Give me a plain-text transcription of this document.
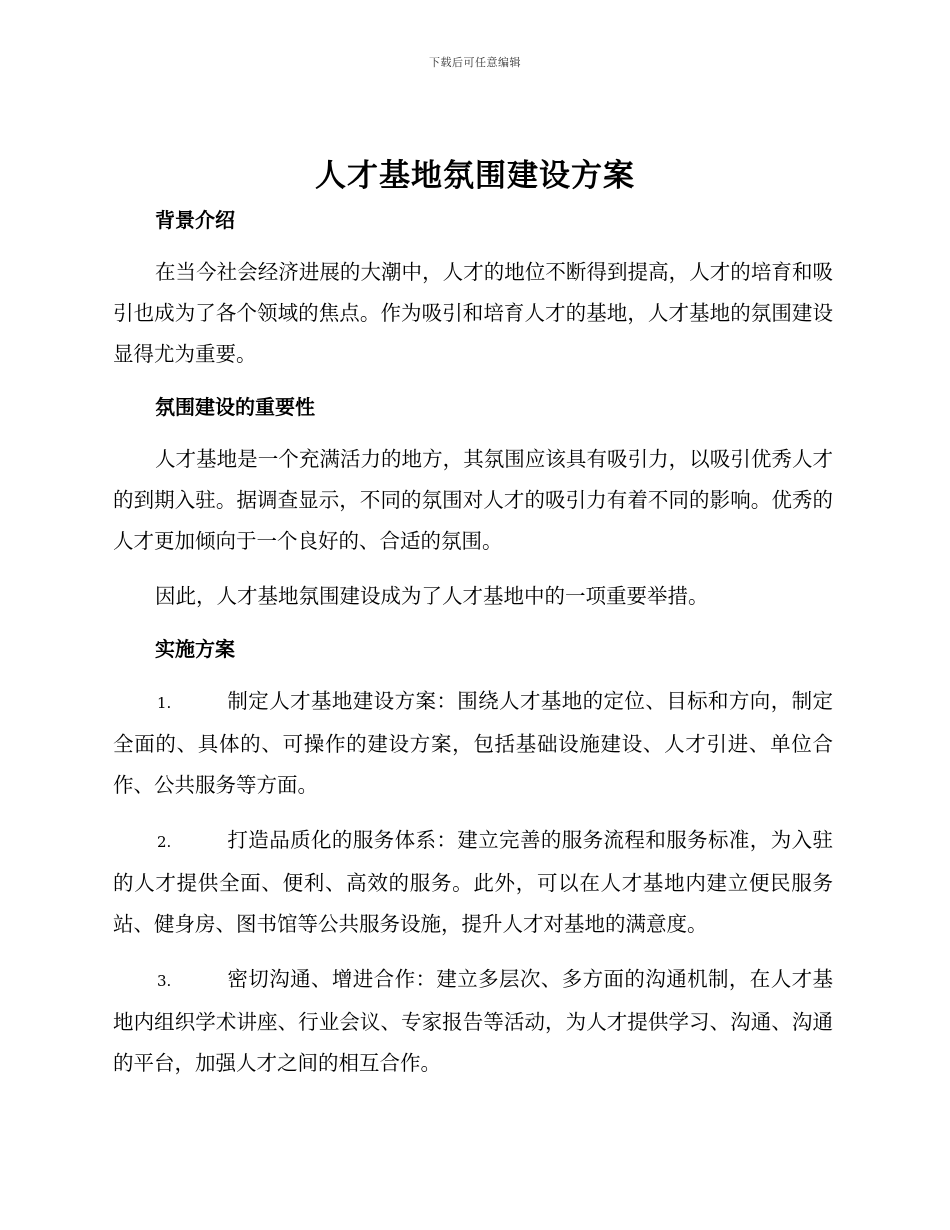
下载后可任意编辑
人才基地氛围建设方案
背景介绍

在当今社会经济进展的大潮中，人才的地位不断得到提高，人才的培育和吸引也成为了各个领域的焦点。作为吸引和培育人才的基地，人才基地的氛围建设显得尤为重要。

氛围建设的重要性

人才基地是一个充满活力的地方，其氛围应该具有吸引力，以吸引优秀人才的到期入驻。据调查显示，不同的氛围对人才的吸引力有着不同的影响。优秀的人才更加倾向于一个良好的、合适的氛围。

因此，人才基地氛围建设成为了人才基地中的一项重要举措。

实施方案

1.	制定人才基地建设方案：围绕人才基地的定位、目标和方向，制定全面的、具体的、可操作的建设方案，包括基础设施建设、人才引进、单位合作、公共服务等方面。

2.	打造品质化的服务体系：建立完善的服务流程和服务标准，为入驻的人才提供全面、便利、高效的服务。此外，可以在人才基地内建立便民服务站、健身房、图书馆等公共服务设施，提升人才对基地的满意度。

3.	密切沟通、增进合作：建立多层次、多方面的沟通机制，在人才基地内组织学术讲座、行业会议、专家报告等活动，为人才提供学习、沟通、沟通的平台，加强人才之间的相互合作。
